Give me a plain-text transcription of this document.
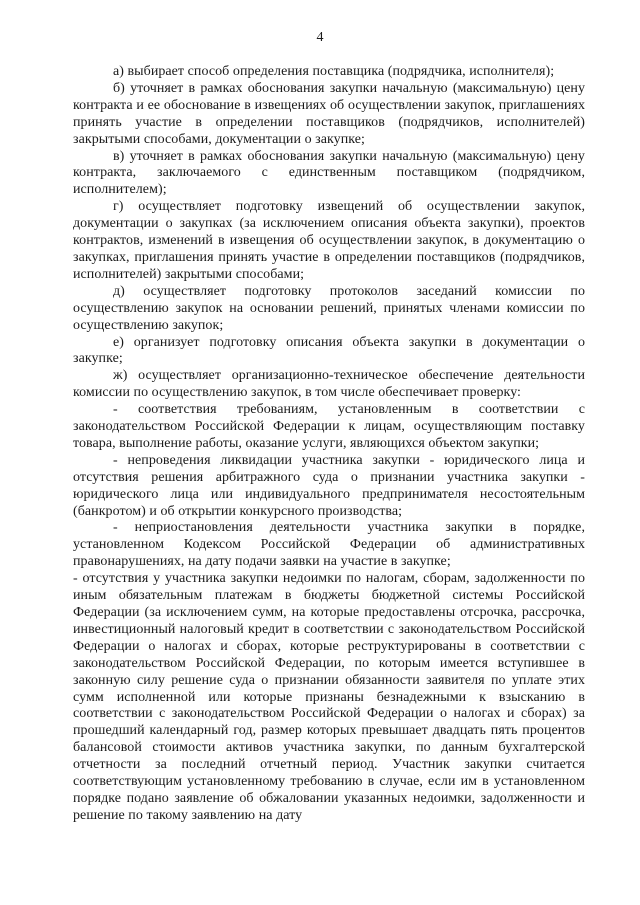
4

а) выбирает способ определения поставщика (подрядчика, исполнителя);

б) уточняет в рамках обоснования закупки начальную (максимальную) цену контракта и ее обоснование в извещениях об осуществлении закупок, приглашениях принять участие в определении поставщиков (подрядчиков, исполнителей) закрытыми способами, документации о закупке;

в) уточняет в рамках обоснования закупки начальную (максимальную) цену контракта, заключаемого с единственным поставщиком (подрядчиком, исполнителем);

г) осуществляет подготовку извещений об осуществлении закупок, документации о закупках (за исключением описания объекта закупки), проектов контрактов, изменений в извещения об осуществлении закупок, в документацию о закупках, приглашения принять участие в определении поставщиков (подрядчиков, исполнителей) закрытыми способами;

д) осуществляет подготовку протоколов заседаний комиссии по осуществлению закупок на основании решений, принятых членами комиссии по осуществлению закупок;

е) организует подготовку описания объекта закупки в документации о закупке;

ж) осуществляет организационно-техническое обеспечение деятельности комиссии по осуществлению закупок, в том числе обеспечивает проверку:

- соответствия требованиям, установленным в соответствии с законодательством Российской Федерации к лицам, осуществляющим поставку товара, выполнение работы, оказание услуги, являющихся объектом закупки;

- непроведения ликвидации участника закупки - юридического лица и отсутствия решения арбитражного суда о признании участника закупки - юридического лица или индивидуального предпринимателя несостоятельным (банкротом) и об открытии конкурсного производства;

- неприостановления деятельности участника закупки в порядке, установленном Кодексом Российской Федерации об административных правонарушениях, на дату подачи заявки на участие в закупке;

- отсутствия у участника закупки недоимки по налогам, сборам, задолженности по иным обязательным платежам в бюджеты бюджетной системы Российской Федерации (за исключением сумм, на которые предоставлены отсрочка, рассрочка, инвестиционный налоговый кредит в соответствии с законодательством Российской Федерации о налогах и сборах, которые реструктурированы в соответствии с законодательством Российской Федерации, по которым имеется вступившее в законную силу решение суда о признании обязанности заявителя по уплате этих сумм исполненной или которые признаны безнадежными к взысканию в соответствии с законодательством Российской Федерации о налогах и сборах) за прошедший календарный год, размер которых превышает двадцать пять процентов балансовой стоимости активов участника закупки, по данным бухгалтерской отчетности за последний отчетный период. Участник закупки считается соответствующим установленному требованию в случае, если им в установленном порядке подано заявление об обжаловании указанных недоимки, задолженности и решение по такому заявлению на дату
